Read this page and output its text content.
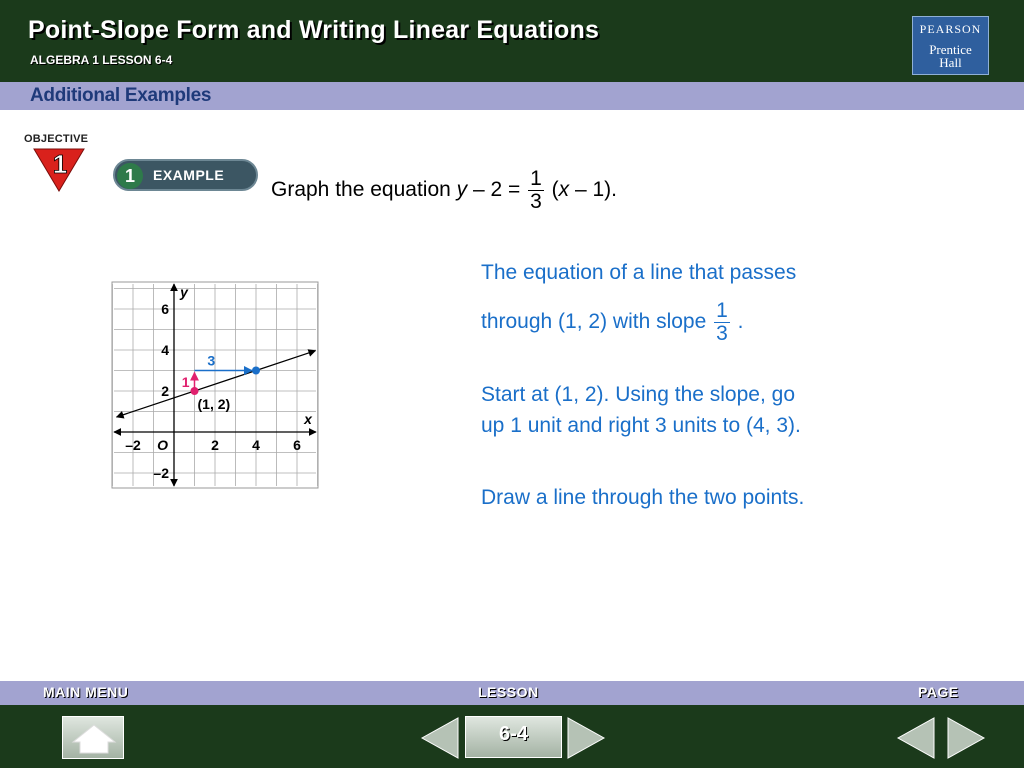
Point-Slope Form and Writing Linear Equations
ALGEBRA 1 LESSON 6-4
PEARSON
Prentice
Hall
Additional Examples
OBJECTIVE
1	1	EXAMPLE
Graph the equation $y - 2 = \frac{1}{3} (x - 1)$.
The equation of a line that passes
through (1, 2) with slope $\frac{1}{3}$ .
Start at (1, 2). Using the slope, go
up 1 unit and right 3 units to (4, 3).
Draw a line through the two points.
–2	2 4 6
6
4
2
–2
O
x
y
3
1
(1, 2)
MAIN MENU	LESSON	PAGE
6-4
